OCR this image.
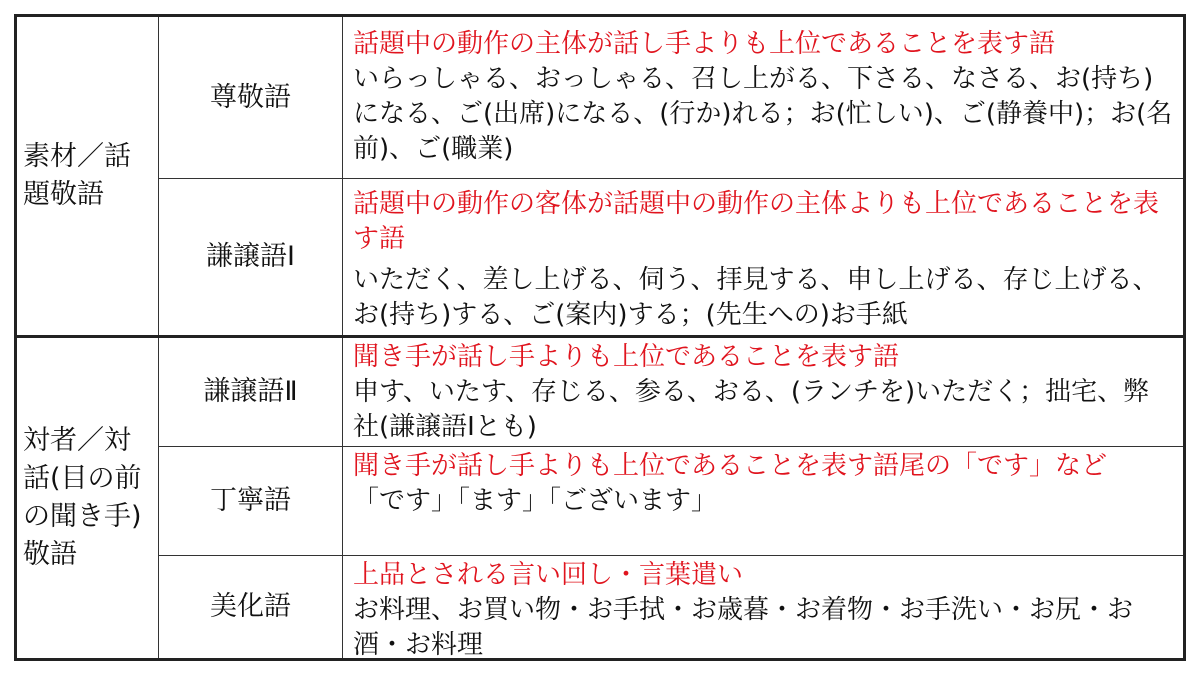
素材／話
題敬語
対者／対
話(目の前
の聞き手)
敬語
尊敬語
謙譲語Ⅰ
謙譲語Ⅱ
丁寧語
美化語
話題中の動作の主体が話し手よりも上位であることを表す語
いらっしゃる、おっしゃる、召し上がる、下さる、なさる、お(持ち)になる、ご(出席)になる、(行か)れる；お(忙しい)、ご(静養中)；お(名前)、ご(職業)
話題中の動作の客体が話題中の動作の主体よりも上位であることを表す語
いただく、差し上げる、伺う、拝見する、申し上げる、存じ上げる、お(持ち)する、ご(案内)する；(先生への)お手紙
聞き手が話し手よりも上位であることを表す語
申す、いたす、存じる、参る、おる、(ランチを)いただく；拙宅、弊社(謙譲語Ⅰとも)
聞き手が話し手よりも上位であることを表す語尾の「です」など
「です」「ます」「ございます」
上品とされる言い回し・言葉遣い
お料理、お買い物・お手拭・お歳暮・お着物・お手洗い・お尻・お酒・お料理
